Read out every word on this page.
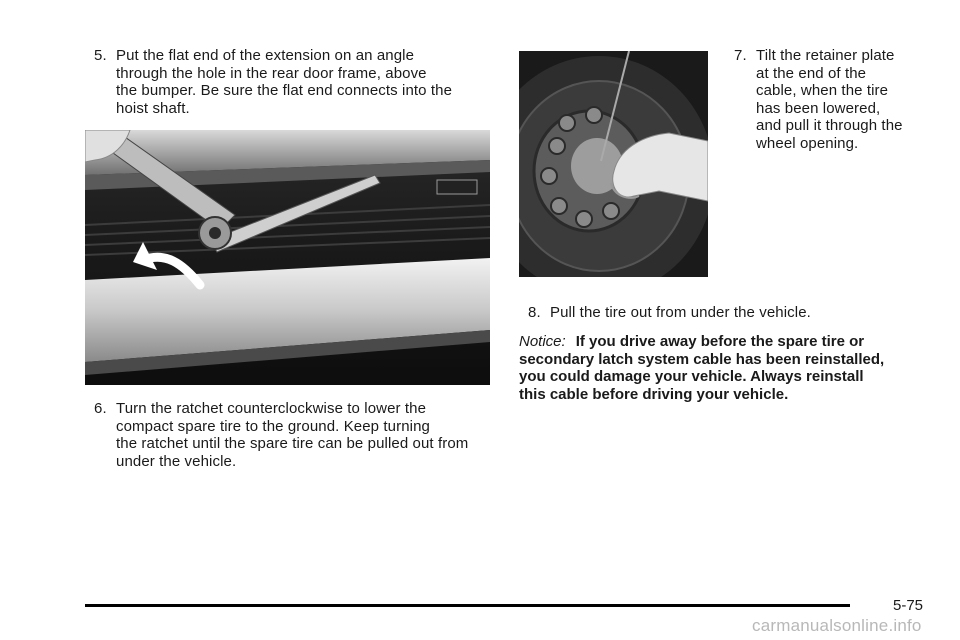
5. Put the flat end of the extension on an angle
through the hole in the rear door frame, above
the bumper. Be sure the flat end connects into the
hoist shaft.
6. Turn the ratchet counterclockwise to lower the
compact spare tire to the ground. Keep turning
the ratchet until the spare tire can be pulled out from
under the vehicle.
7. Tilt the retainer plate
at the end of the
cable, when the tire
has been lowered,
and pull it through the
wheel opening.
8. Pull the tire out from under the vehicle.
Notice: If you drive away before the spare tire or
secondary latch system cable has been reinstalled,
you could damage your vehicle. Always reinstall
this cable before driving your vehicle.
5-75
carmanualsonline.info
